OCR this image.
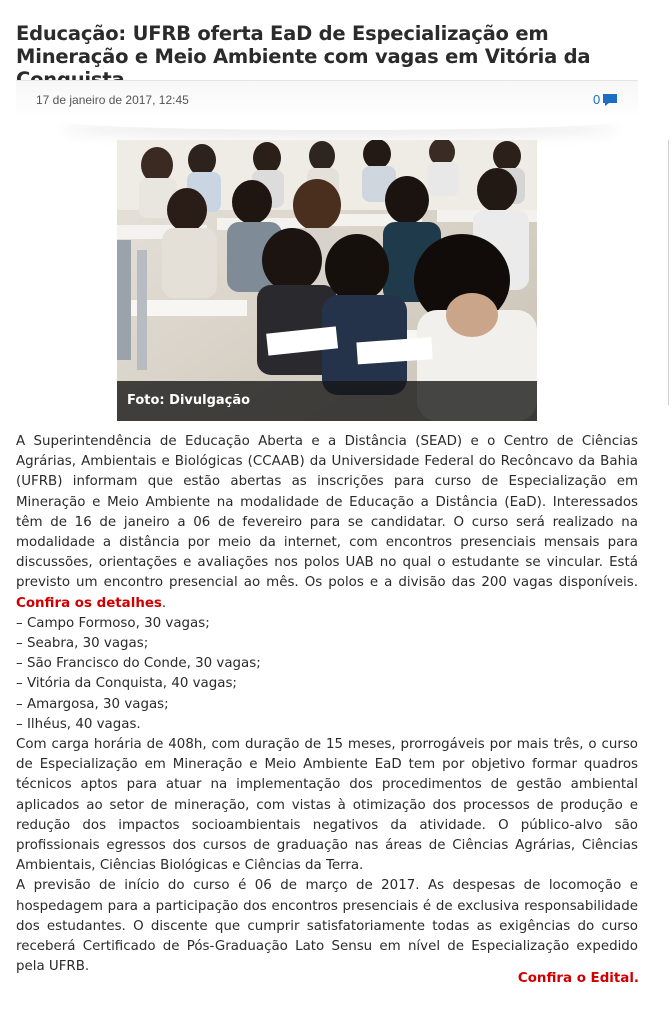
Educação: UFRB oferta EaD de Especialização em Mineração e Meio Ambiente com vagas em Vitória da
17 de janeiro de 2017, 12:45	0
Foto: Divulgação

A Superintendência de Educação Aberta e a Distância (SEAD) e o Centro de Ciências Agrárias, Ambientais e Biológicas (CCAAB) da Universidade Federal do Recôncavo da Bahia (UFRB) informam que estão abertas as inscrições para curso de Especialização em Mineração e Meio Ambiente na modalidade de Educação a Distância (EaD). Interessados têm de 16 de janeiro a 06 de fevereiro para se candidatar. O curso será realizado na modalidade a distância por meio da internet, com encontros presenciais mensais para discussões, orientações e avaliações nos polos UAB no qual o estudante se vincular. Está previsto um encontro presencial ao mês. Os polos e a divisão das 200 vagas disponíveis. Confira os detalhes.

– Campo Formoso, 30 vagas;
– Seabra, 30 vagas;
– São Francisco do Conde, 30 vagas;
– Vitória da Conquista, 40 vagas;
– Amargosa, 30 vagas;
– Ilhéus, 40 vagas.

Com carga horária de 408h, com duração de 15 meses, prorrogáveis por mais três, o curso de Especialização em Mineração e Meio Ambiente EaD tem por objetivo formar quadros técnicos aptos para atuar na implementação dos procedimentos de gestão ambiental aplicados ao setor de mineração, com vistas à otimização dos processos de produção e redução dos impactos socioambientais negativos da atividade. O público-alvo são profissionais egressos dos cursos de graduação nas áreas de Ciências Agrárias, Ciências Ambientais, Ciências Biológicas e Ciências da Terra.

A previsão de início do curso é 06 de março de 2017. As despesas de locomoção e hospedagem para a participação dos encontros presenciais é de exclusiva responsabilidade dos estudantes. O discente que cumprir satisfatoriamente todas as exigências do curso receberá Certificado de Pós-Graduação Lato Sensu em nível de Especialização expedido pela UFRB.

Confira o Edital.
